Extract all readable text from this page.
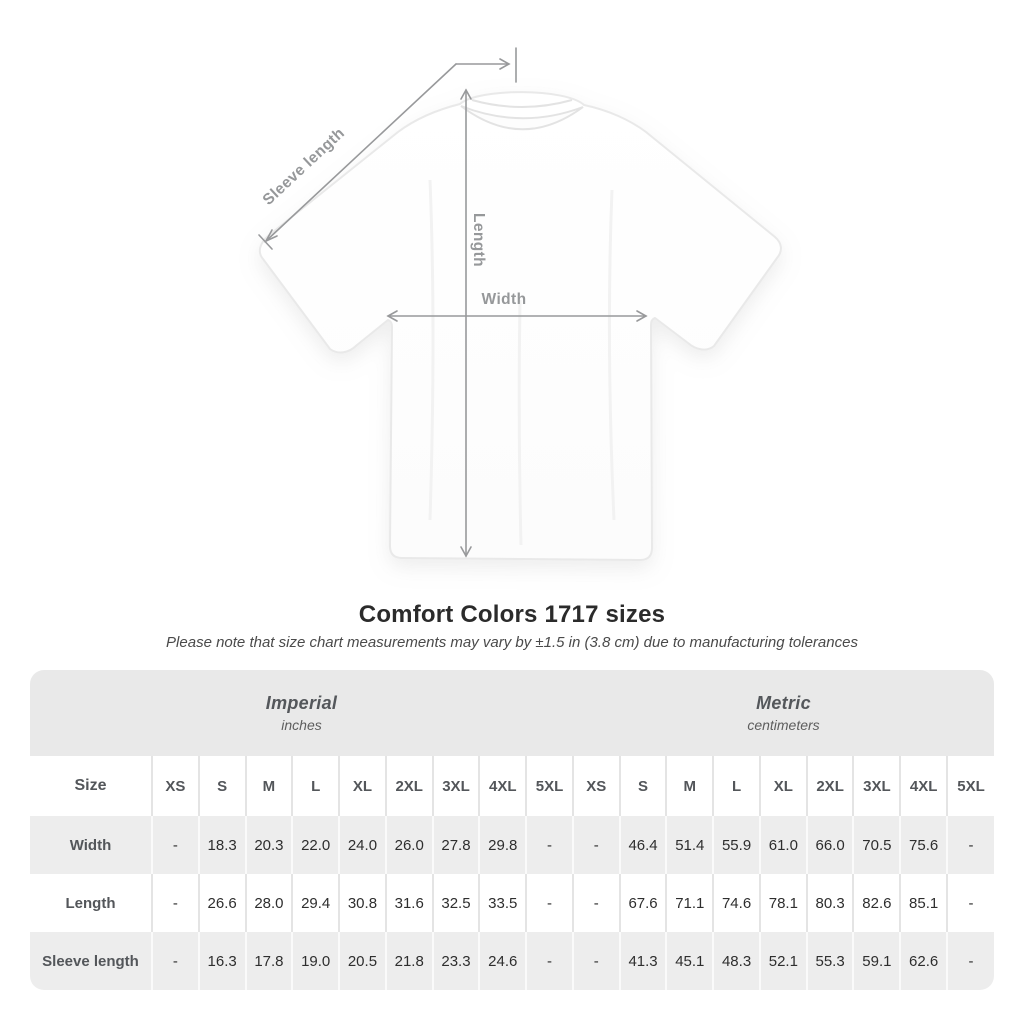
Sleeve length
Length
Width
Comfort Colors 1717 sizes
Please note that size chart measurements may vary by ±1.5 in (3.8 cm) due to manufacturing tolerances
Imperial
inches
Metric
centimeters
Size	XS	S	M	L	XL	2XL	3XL	4XL	5XL	XS	S	M	L	XL	2XL	3XL	4XL	5XL
Width	-	18.3	20.3	22.0	24.0	26.0	27.8	29.8	-	-	46.4	51.4	55.9	61.0	66.0	70.5	75.6	-
Length	-	26.6	28.0	29.4	30.8	31.6	32.5	33.5	-	-	67.6	71.1	74.6	78.1	80.3	82.6	85.1	-
Sleeve length	-	16.3	17.8	19.0	20.5	21.8	23.3	24.6	-	-	41.3	45.1	48.3	52.1	55.3	59.1	62.6	-
